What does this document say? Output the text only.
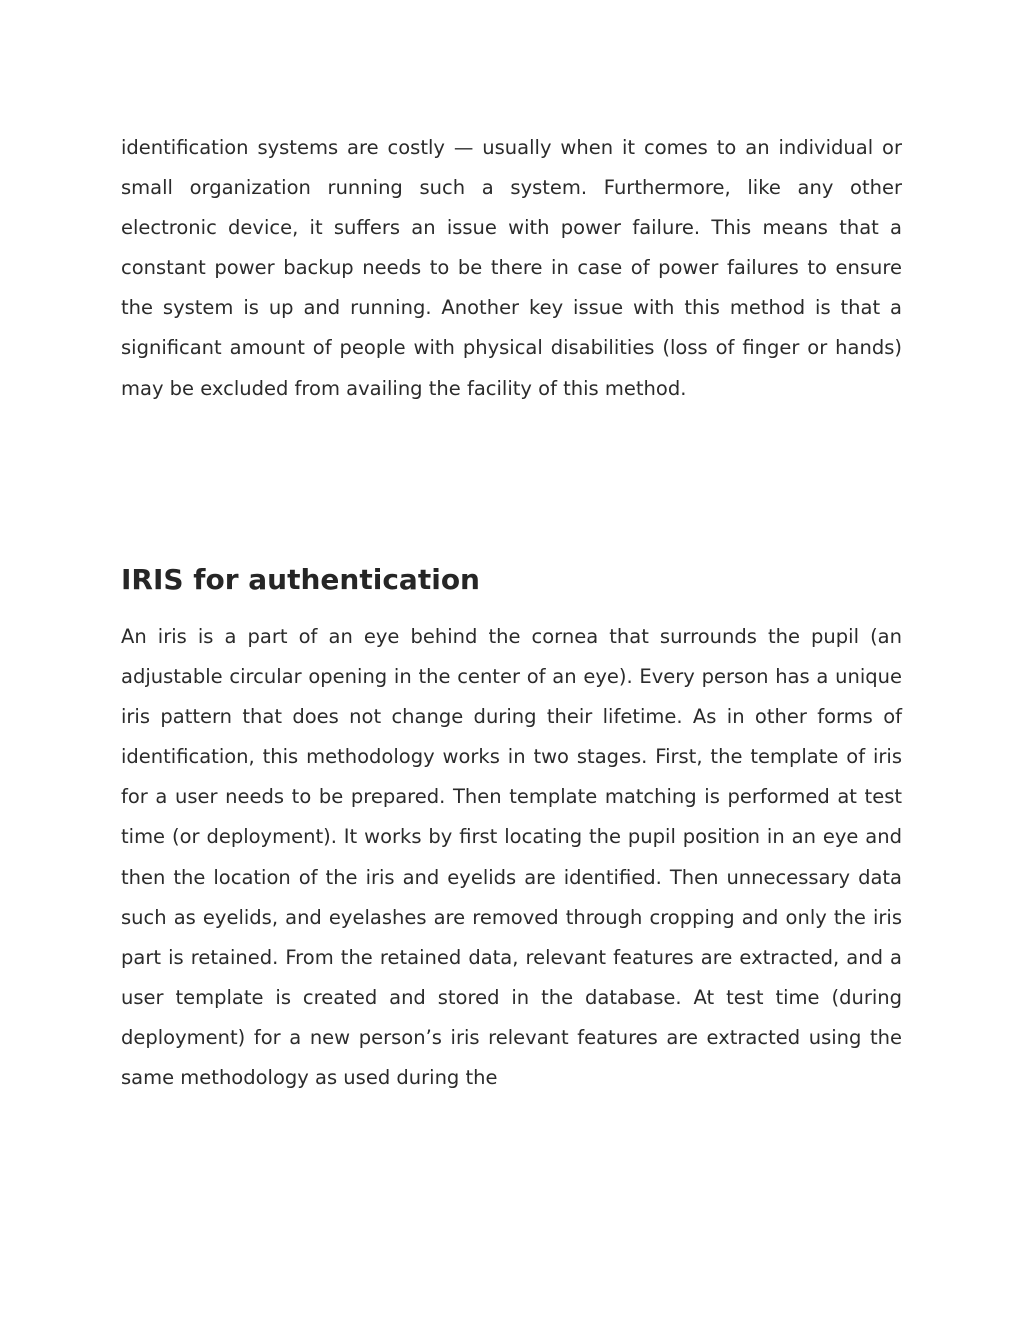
identification systems are costly — usually when it comes to an individual or small organization running such a system. Furthermore, like any other electronic device, it suffers an issue with power failure. This means that a constant power backup needs to be there in case of power failures to ensure the system is up and running. Another key issue with this method is that a significant amount of people with physical disabilities (loss of finger or hands) may be excluded from availing the facility of this method.

IRIS for authentication

An iris is a part of an eye behind the cornea that surrounds the pupil (an adjustable circular opening in the center of an eye). Every person has a unique iris pattern that does not change during their lifetime. As in other forms of identification, this methodology works in two stages. First, the template of iris for a user needs to be prepared. Then template matching is performed at test time (or deployment). It works by first locating the pupil position in an eye and then the location of the iris and eyelids are identified. Then unnecessary data such as eyelids, and eyelashes are removed through cropping and only the iris part is retained. From the retained data, relevant features are extracted, and a user template is created and stored in the database. At test time (during deployment) for a new person’s iris relevant features are extracted using the same methodology as used during the
